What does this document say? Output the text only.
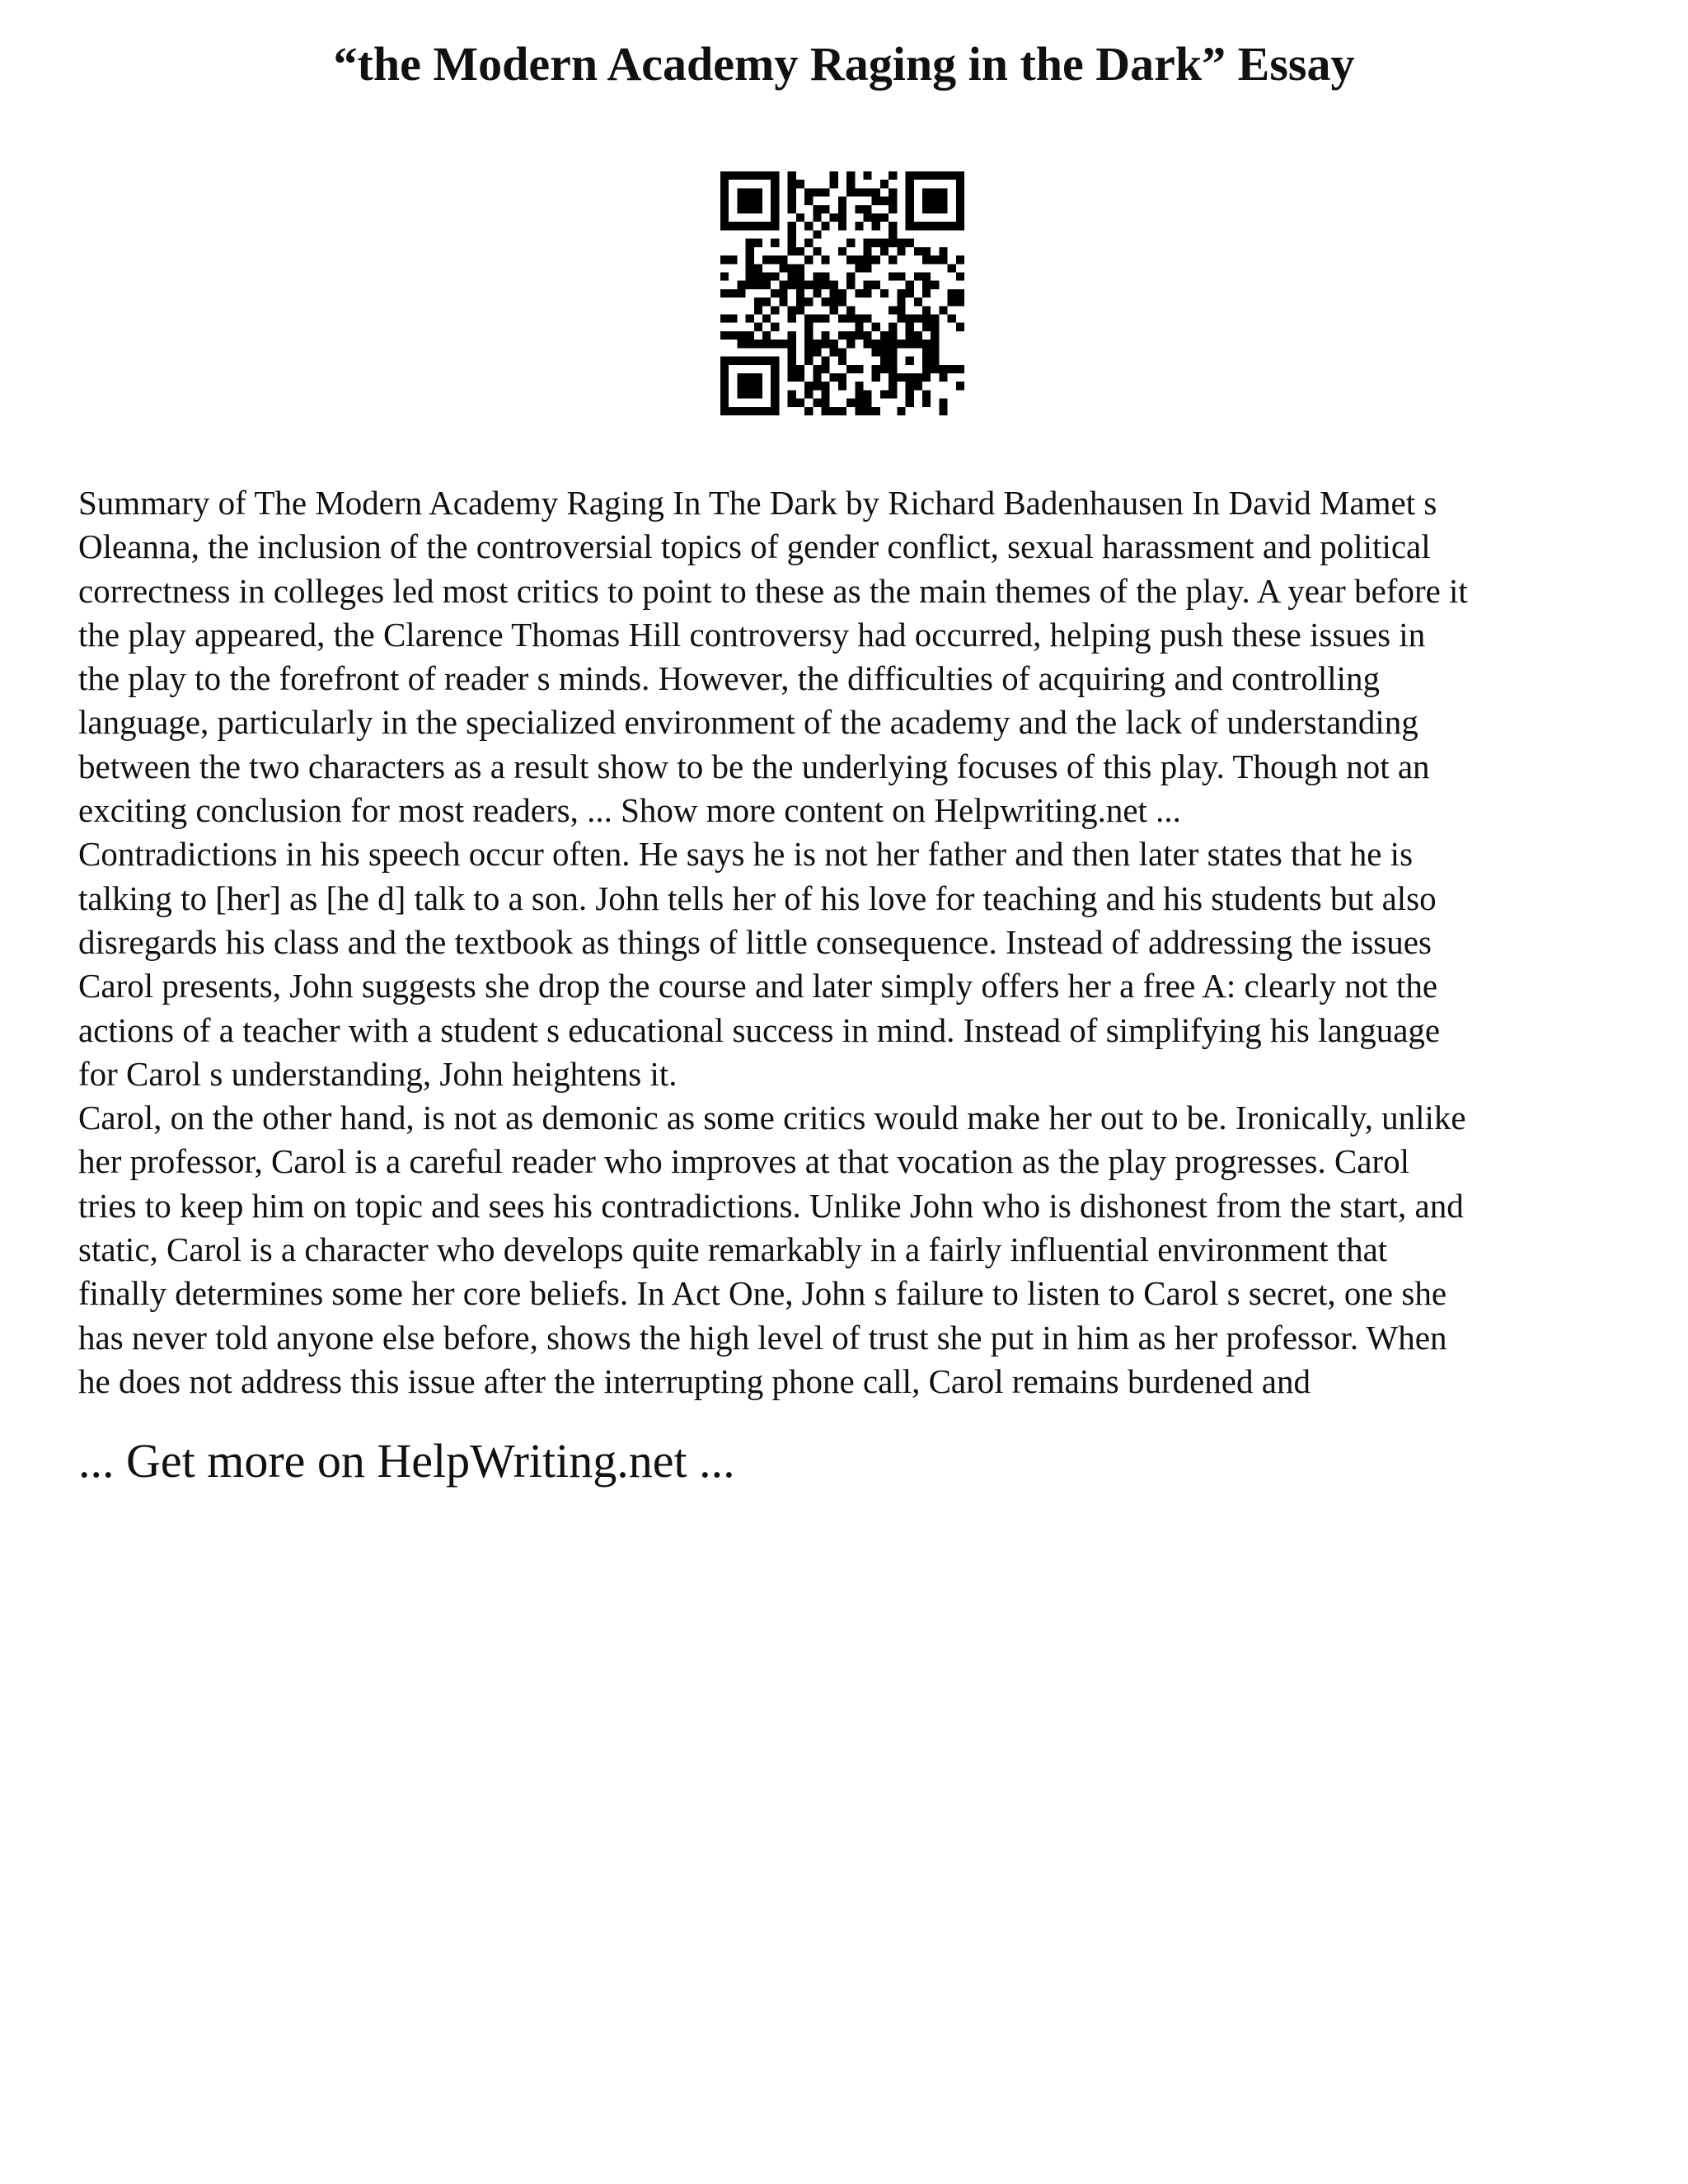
“the Modern Academy Raging in the Dark” Essay

Summary of The Modern Academy Raging In The Dark by Richard Badenhausen In David Mamet s
Oleanna, the inclusion of the controversial topics of gender conflict, sexual harassment and political
correctness in colleges led most critics to point to these as the main themes of the play. A year before it
the play appeared, the Clarence Thomas Hill controversy had occurred, helping push these issues in
the play to the forefront of reader s minds. However, the difficulties of acquiring and controlling
language, particularly in the specialized environment of the academy and the lack of understanding
between the two characters as a result show to be the underlying focuses of this play. Though not an
exciting conclusion for most readers, ... Show more content on Helpwriting.net ...

Contradictions in his speech occur often. He says he is not her father and then later states that he is
talking to [her] as [he d] talk to a son. John tells her of his love for teaching and his students but also
disregards his class and the textbook as things of little consequence. Instead of addressing the issues
Carol presents, John suggests she drop the course and later simply offers her a free A: clearly not the
actions of a teacher with a student s educational success in mind. Instead of simplifying his language
for Carol s understanding, John heightens it.

Carol, on the other hand, is not as demonic as some critics would make her out to be. Ironically, unlike
her professor, Carol is a careful reader who improves at that vocation as the play progresses. Carol
tries to keep him on topic and sees his contradictions. Unlike John who is dishonest from the start, and
static, Carol is a character who develops quite remarkably in a fairly influential environment that
finally determines some her core beliefs. In Act One, John s failure to listen to Carol s secret, one she
has never told anyone else before, shows the high level of trust she put in him as her professor. When
he does not address this issue after the interrupting phone call, Carol remains burdened and

... Get more on HelpWriting.net ...
